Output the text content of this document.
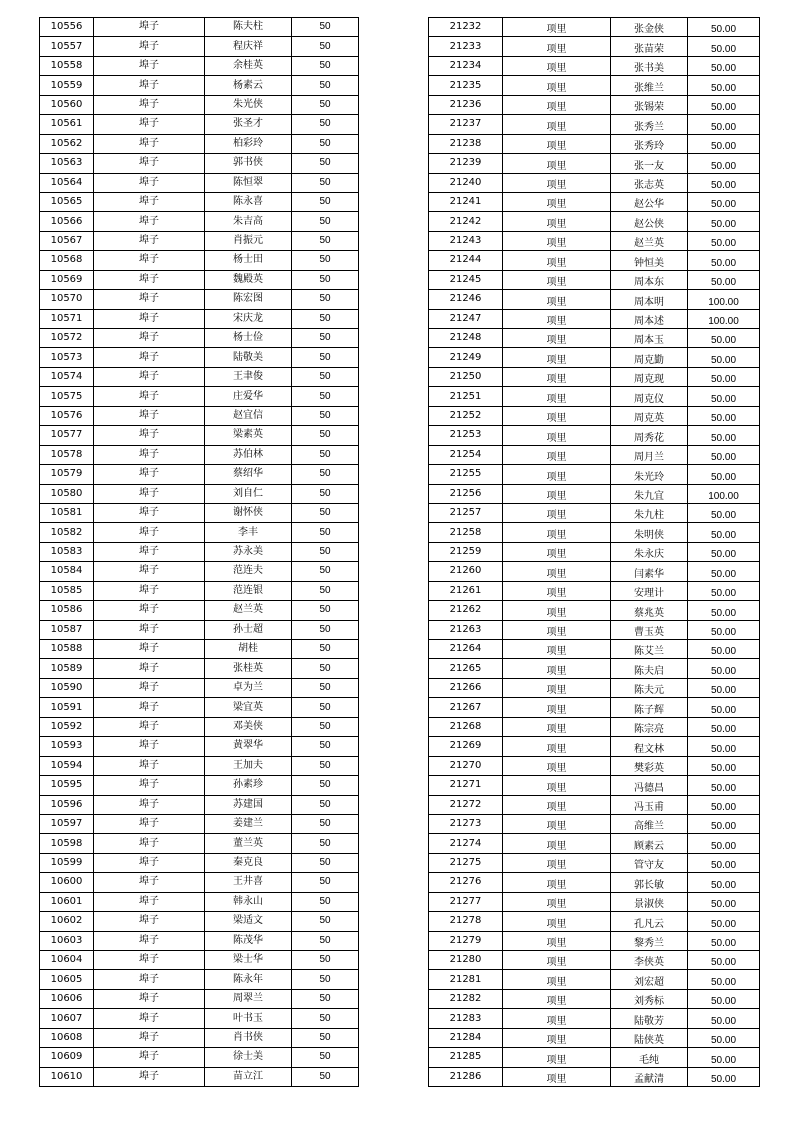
10556	埠子	陈夫柱	50
10557	埠子	程庆祥	50
10558	埠子	余桂英	50
10559	埠子	杨素云	50
10560	埠子	朱光侠	50
10561	埠子	张圣才	50
10562	埠子	柏彩玲	50
10563	埠子	郭书侠	50
10564	埠子	陈恒翠	50
10565	埠子	陈永喜	50
10566	埠子	朱吉高	50
10567	埠子	肖振元	50
10568	埠子	杨士田	50
10569	埠子	魏殿英	50
10570	埠子	陈宏图	50
10571	埠子	宋庆龙	50
10572	埠子	杨士俭	50
10573	埠子	陆敬美	50
10574	埠子	王聿俊	50
10575	埠子	庄爱华	50
10576	埠子	赵宜信	50
10577	埠子	梁素英	50
10578	埠子	苏伯林	50
10579	埠子	蔡绍华	50
10580	埠子	刘自仁	50
10581	埠子	谢怀侠	50
10582	埠子	李丰	50
10583	埠子	苏永美	50
10584	埠子	范连夫	50
10585	埠子	范连银	50
10586	埠子	赵兰英	50
10587	埠子	孙士超	50
10588	埠子	胡桂	50
10589	埠子	张桂英	50
10590	埠子	卓为兰	50
10591	埠子	梁宜英	50
10592	埠子	邓美侠	50
10593	埠子	黄翠华	50
10594	埠子	王加夫	50
10595	埠子	孙素珍	50
10596	埠子	苏建国	50
10597	埠子	姜建兰	50
10598	埠子	董兰英	50
10599	埠子	秦克良	50
10600	埠子	王井喜	50
10601	埠子	韩永山	50
10602	埠子	梁适文	50
10603	埠子	陈茂华	50
10604	埠子	梁士华	50
10605	埠子	陈永年	50
10606	埠子	周翠兰	50
10607	埠子	叶书玉	50
10608	埠子	肖书侠	50
10609	埠子	徐士美	50
10610	埠子	苗立江	50
21232	项里	张金侠	50.00
21233	项里	张苗荣	50.00
21234	项里	张书美	50.00
21235	项里	张维兰	50.00
21236	项里	张锡荣	50.00
21237	项里	张秀兰	50.00
21238	项里	张秀玲	50.00
21239	项里	张一友	50.00
21240	项里	张志英	50.00
21241	项里	赵公华	50.00
21242	项里	赵公侠	50.00
21243	项里	赵兰英	50.00
21244	项里	钟恒美	50.00
21245	项里	周本东	50.00
21246	项里	周本明	100.00
21247	项里	周本述	100.00
21248	项里	周本玉	50.00
21249	项里	周克勤	50.00
21250	项里	周克现	50.00
21251	项里	周克仪	50.00
21252	项里	周克英	50.00
21253	项里	周秀花	50.00
21254	项里	周月兰	50.00
21255	项里	朱光玲	50.00
21256	项里	朱九宜	100.00
21257	项里	朱九柱	50.00
21258	项里	朱明侠	50.00
21259	项里	朱永庆	50.00
21260	项里	闫素华	50.00
21261	项里	安理计	50.00
21262	项里	蔡兆英	50.00
21263	项里	曹玉英	50.00
21264	项里	陈艾兰	50.00
21265	项里	陈夫启	50.00
21266	项里	陈夫元	50.00
21267	项里	陈子辉	50.00
21268	项里	陈宗亮	50.00
21269	项里	程文林	50.00
21270	项里	樊彩英	50.00
21271	项里	冯德昌	50.00
21272	项里	冯玉甫	50.00
21273	项里	高维兰	50.00
21274	项里	顾素云	50.00
21275	项里	管守友	50.00
21276	项里	郭长敏	50.00
21277	项里	景淑侠	50.00
21278	项里	孔凡云	50.00
21279	项里	黎秀兰	50.00
21280	项里	李侠英	50.00
21281	项里	刘宏超	50.00
21282	项里	刘秀标	50.00
21283	项里	陆敬芳	50.00
21284	项里	陆侠英	50.00
21285	项里	毛纯	50.00
21286	项里	孟献清	50.00
